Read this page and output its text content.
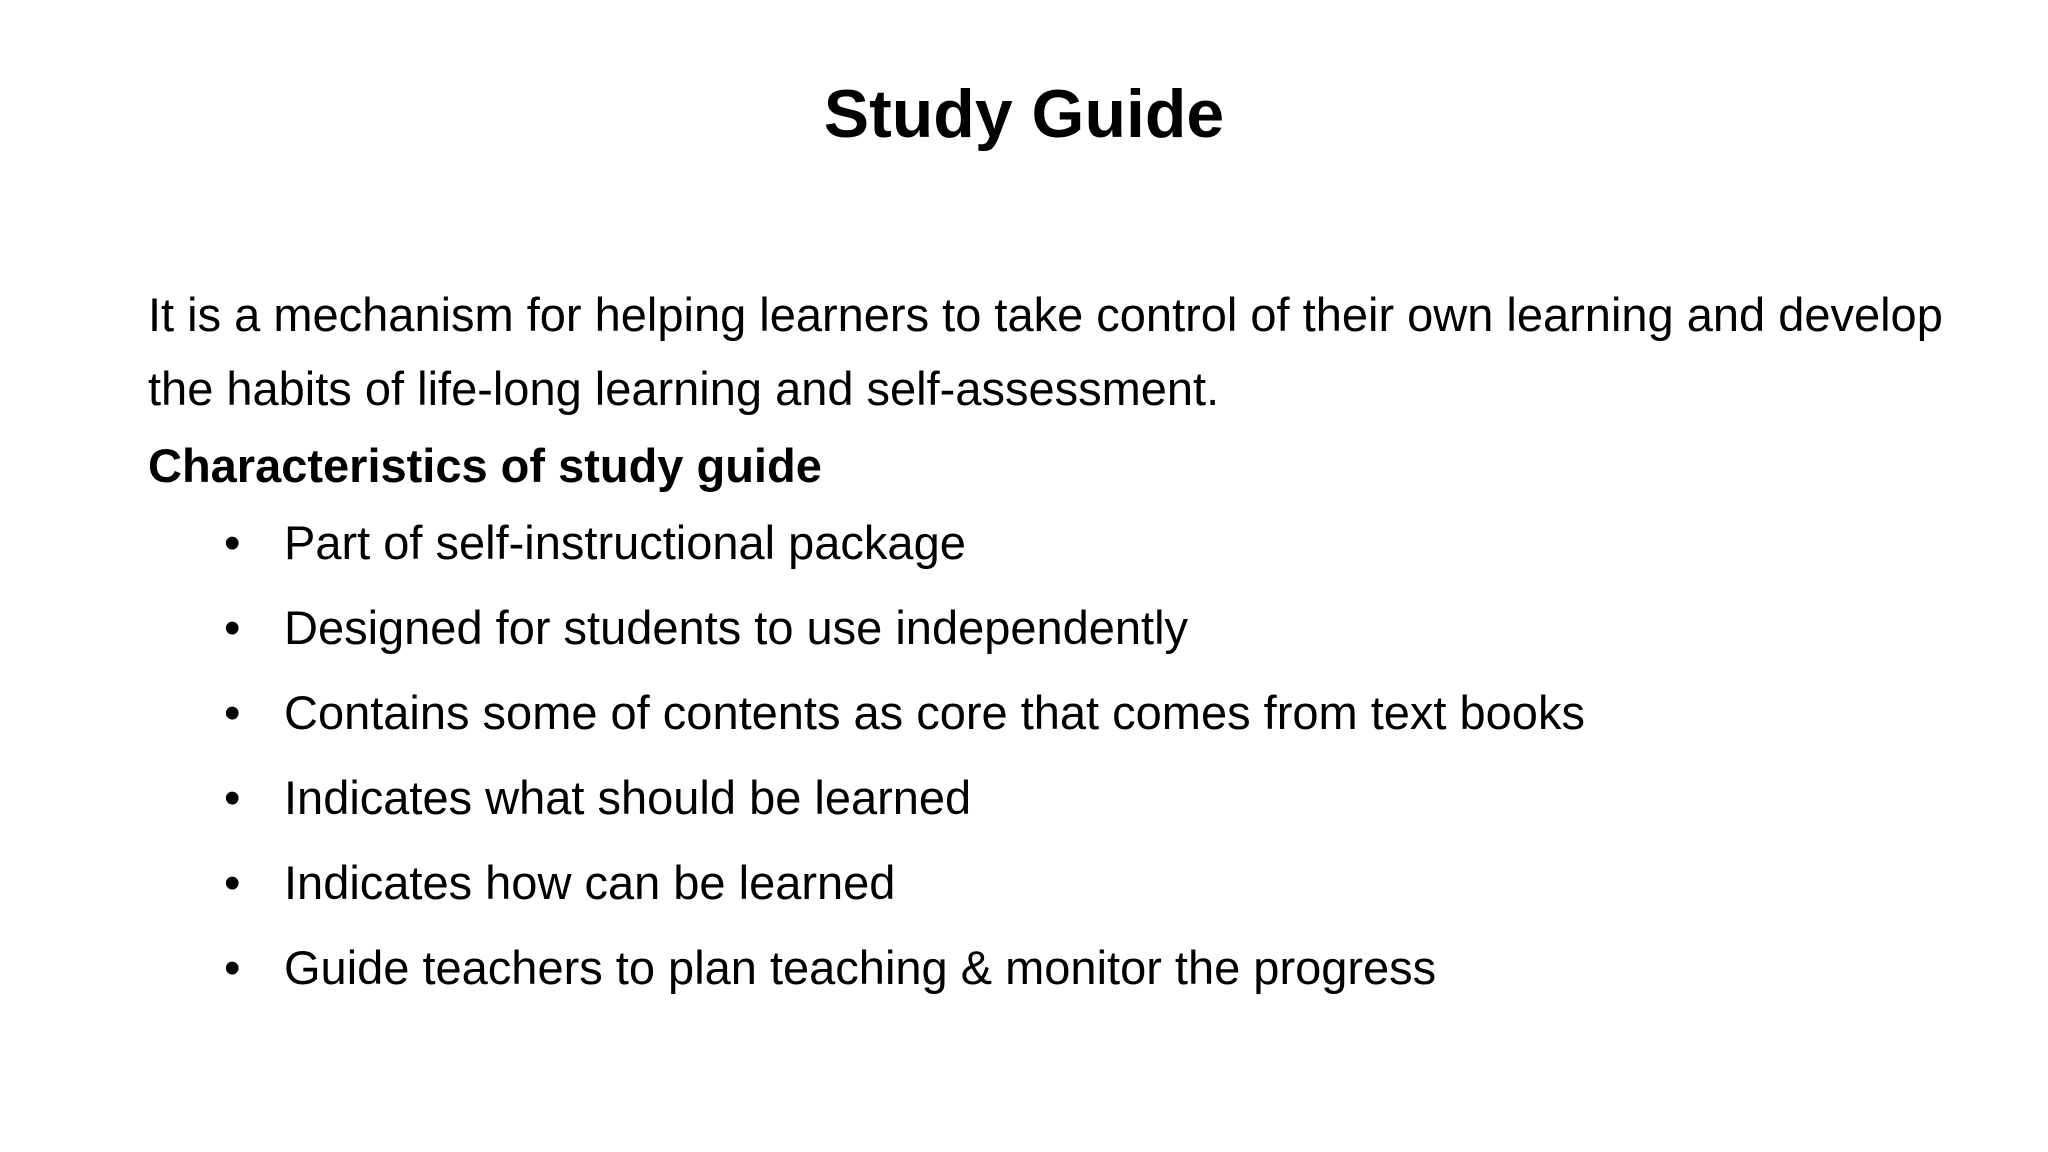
Study Guide

It is a mechanism for helping learners to take control of their own learning and develop the habits of life-long learning and self-assessment.

Characteristics of study guide

• Part of self-instructional package
• Designed for students to use independently
• Contains some of contents as core that comes from text books
• Indicates what should be learned
• Indicates how can be learned
• Guide teachers to plan teaching & monitor the progress
